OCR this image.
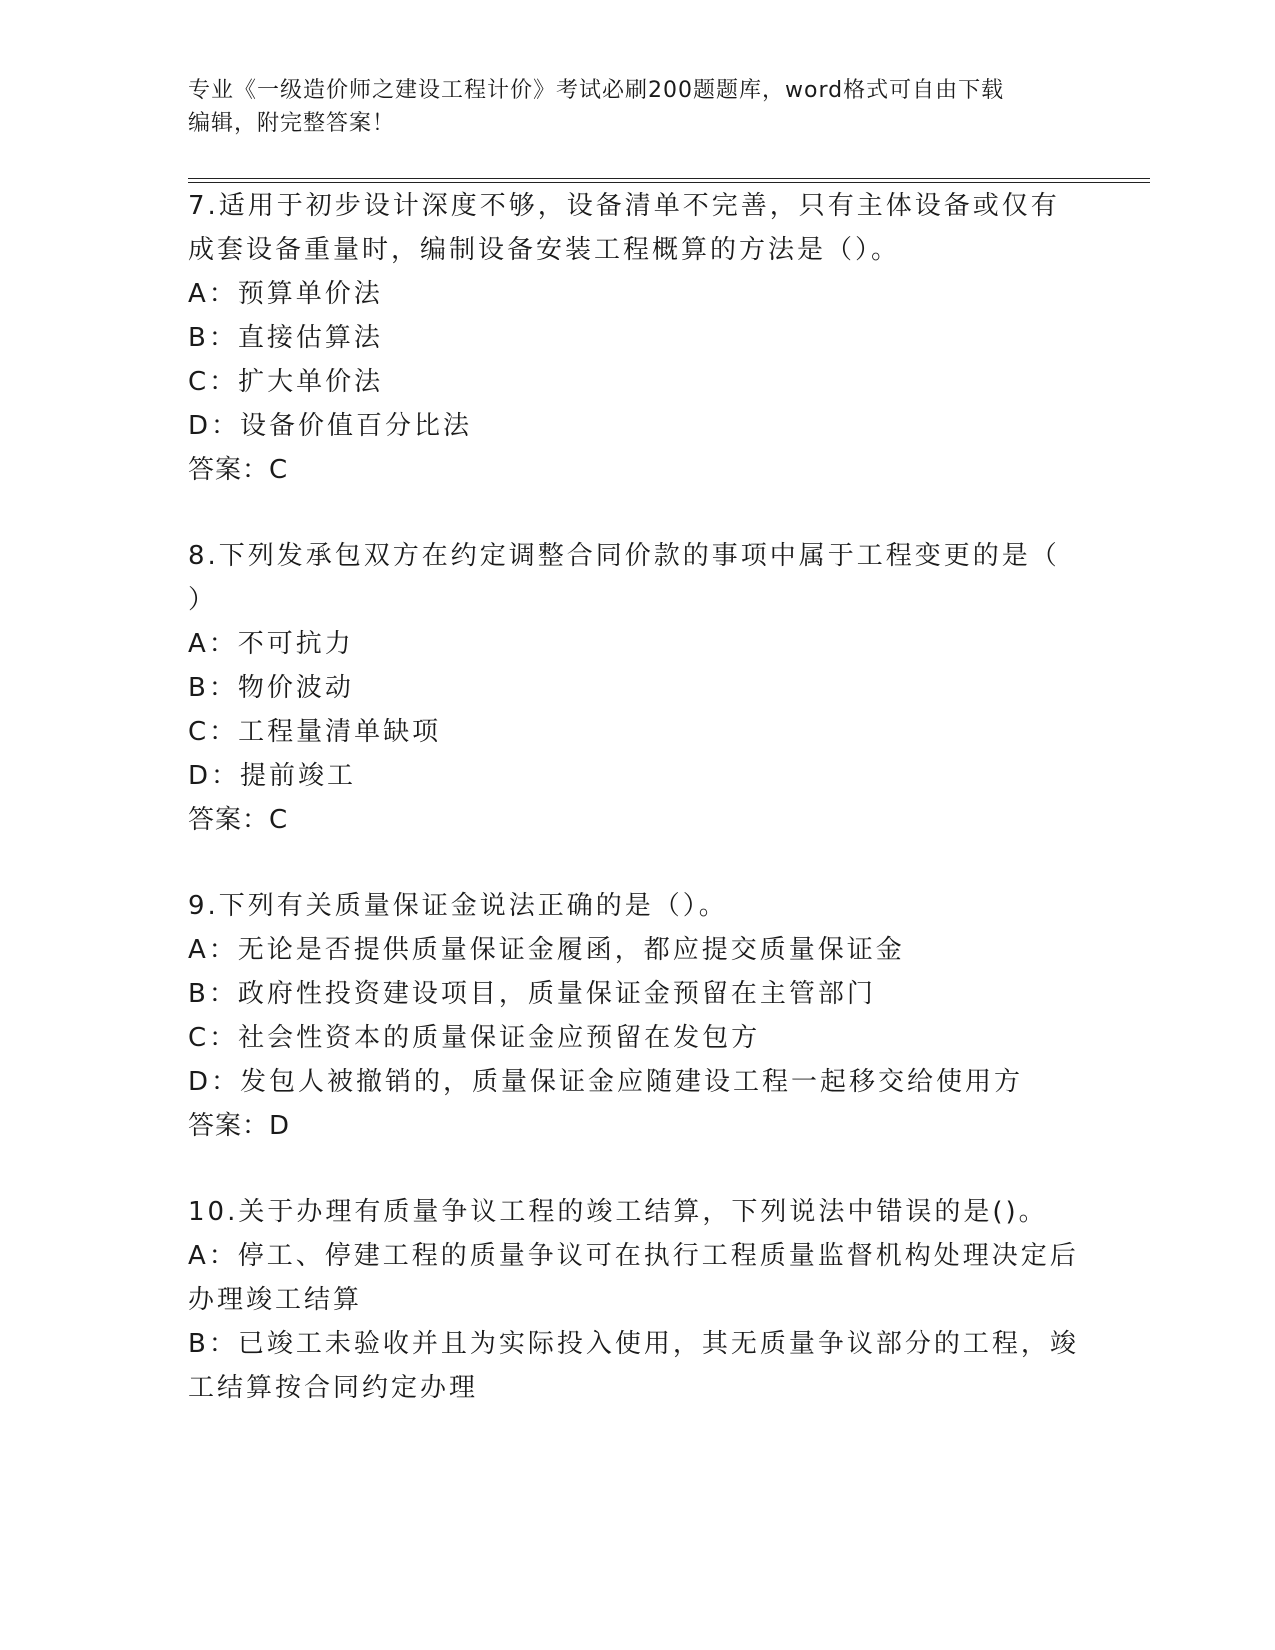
专业《一级造价师之建设工程计价》考试必刷200题题库，word格式可自由下载
编辑，附完整答案！

7.适用于初步设计深度不够，设备清单不完善，只有主体设备或仅有

成套设备重量时，编制设备安装工程概算的方法是（）。

A：预算单价法

B：直接估算法

C：扩大单价法

D：设备价值百分比法

答案：C

8.下列发承包双方在约定调整合同价款的事项中属于工程变更的是（

）

A：不可抗力

B：物价波动

C：工程量清单缺项

D：提前竣工

答案：C

9.下列有关质量保证金说法正确的是（）。

A：无论是否提供质量保证金履函，都应提交质量保证金

B：政府性投资建设项目，质量保证金预留在主管部门

C：社会性资本的质量保证金应预留在发包方

D：发包人被撤销的，质量保证金应随建设工程一起移交给使用方

答案：D

10.关于办理有质量争议工程的竣工结算，下列说法中错误的是()。

A：停工、停建工程的质量争议可在执行工程质量监督机构处理决定后

办理竣工结算

B：已竣工未验收并且为实际投入使用，其无质量争议部分的工程，竣

工结算按合同约定办理
